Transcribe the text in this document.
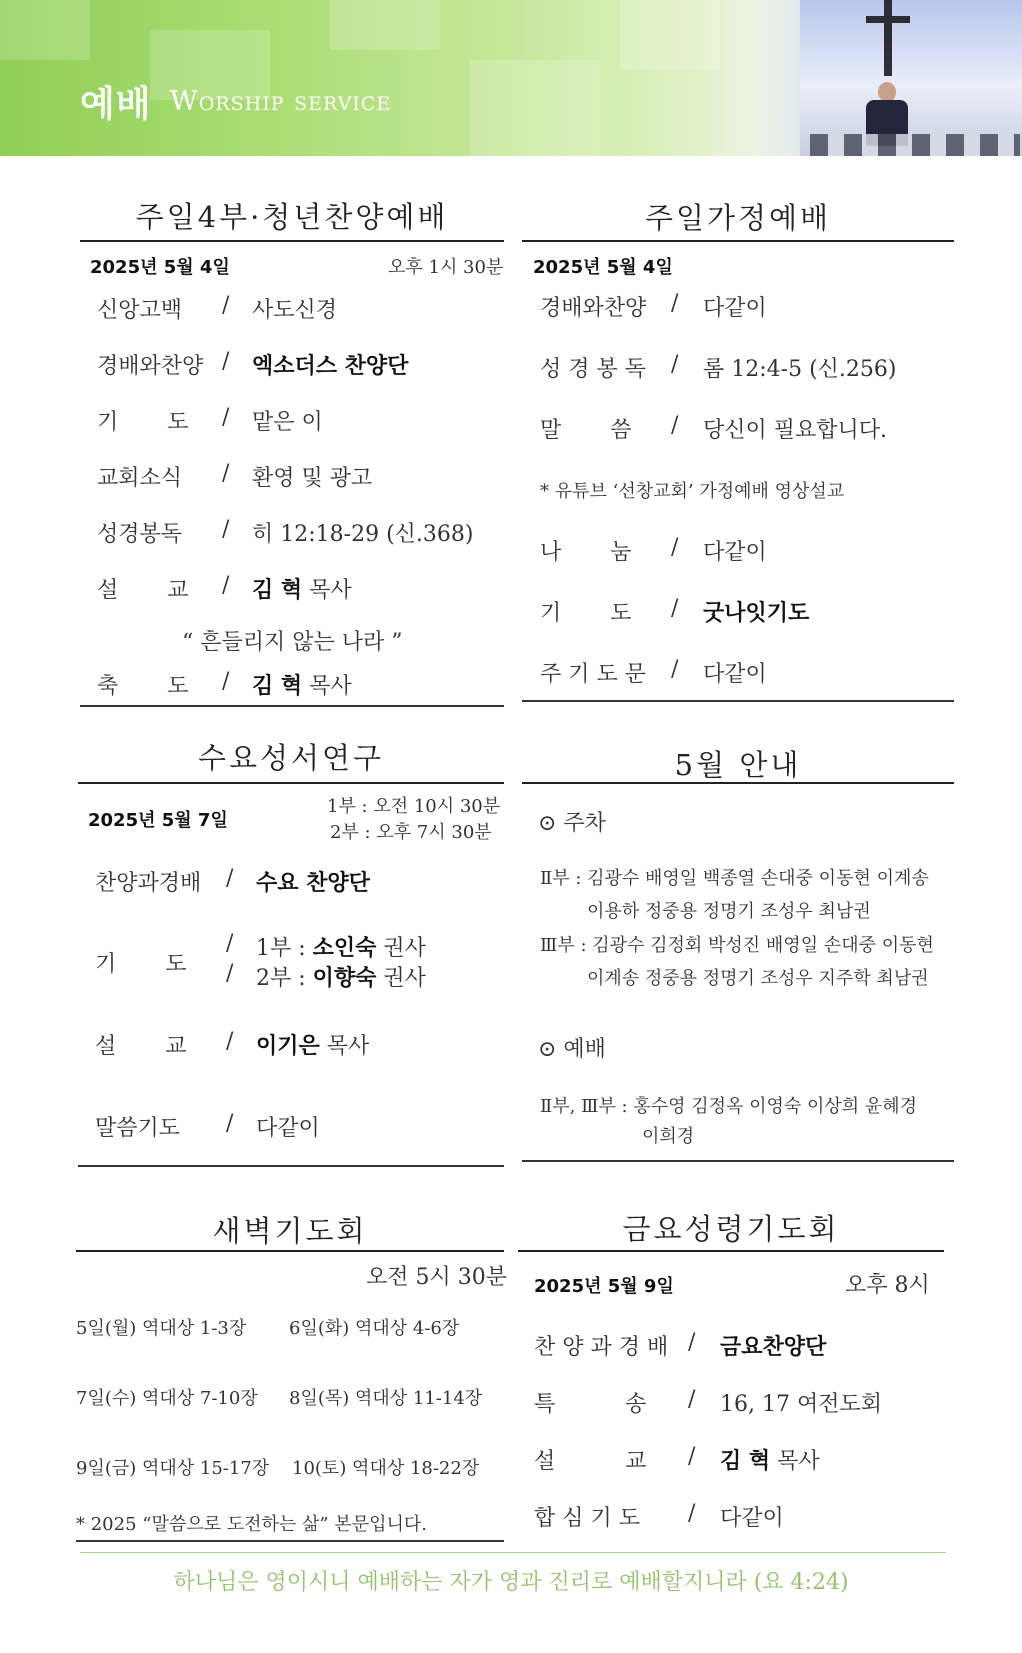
예배 Worship service
주일4부·청년찬양예배
2025년 5월 4일	오후 1시 30분
신앙고백 / 사도신경
경배와찬양 / 엑소더스 찬양단
기       도 / 맡은 이
교회소식 / 환영 및 광고
성경봉독 / 히 12:18-29 (신.368)
설       교 / 김 혁 목사
“ 흔들리지 않는 나라 ”
축       도 / 김 혁 목사
주일가정예배
2025년 5월 4일
경배와찬양 / 다같이
성 경 봉 독 / 롬 12:4-5 (신.256)
말       씀 / 당신이 필요합니다.
* 유튜브 ‘선창교회’ 가정예배 영상설교
나       눔 / 다같이
기       도 / 굿나잇기도
주 기 도 문 / 다같이
수요성서연구
1부 : 오전 10시 30분
2025년 5월 7일
2부 : 오후 7시 30분
찬양과경배 / 수요 찬양단
기       도
/ 1부 : 소인숙 권사
/ 2부 : 이향숙 권사
설       교 / 이기은 목사
말씀기도 / 다같이
5월 안내
⊙ 주차
Ⅱ부 : 김광수 배영일 백종열 손대중 이동현 이계송
이용하 정중용 정명기 조성우 최남권
Ⅲ부 : 김광수 김정회 박성진 배영일 손대중 이동현
이계송 정중용 정명기 조성우 지주학 최남권
⊙ 예배
Ⅱ부, Ⅲ부 : 홍수영 김정옥 이영숙 이상희 윤혜경
이희경
새벽기도회
오전 5시 30분
5일(월) 역대상 1-3장 6일(화) 역대상 4-6장
7일(수) 역대상 7-10장 8일(목) 역대상 11-14장
9일(금) 역대상 15-17장 10(토) 역대상 18-22장
* 2025 “말씀으로 도전하는 삶” 본문입니다.
금요성령기도회
2025년 5월 9일	오후 8시
찬 양 과 경 배 / 금요찬양단
특          송 / 16, 17 여전도회
설          교 / 김 혁 목사
합 심 기 도 / 다같이
하나님은 영이시니 예배하는 자가 영과 진리로 예배할지니라 (요 4:24)
